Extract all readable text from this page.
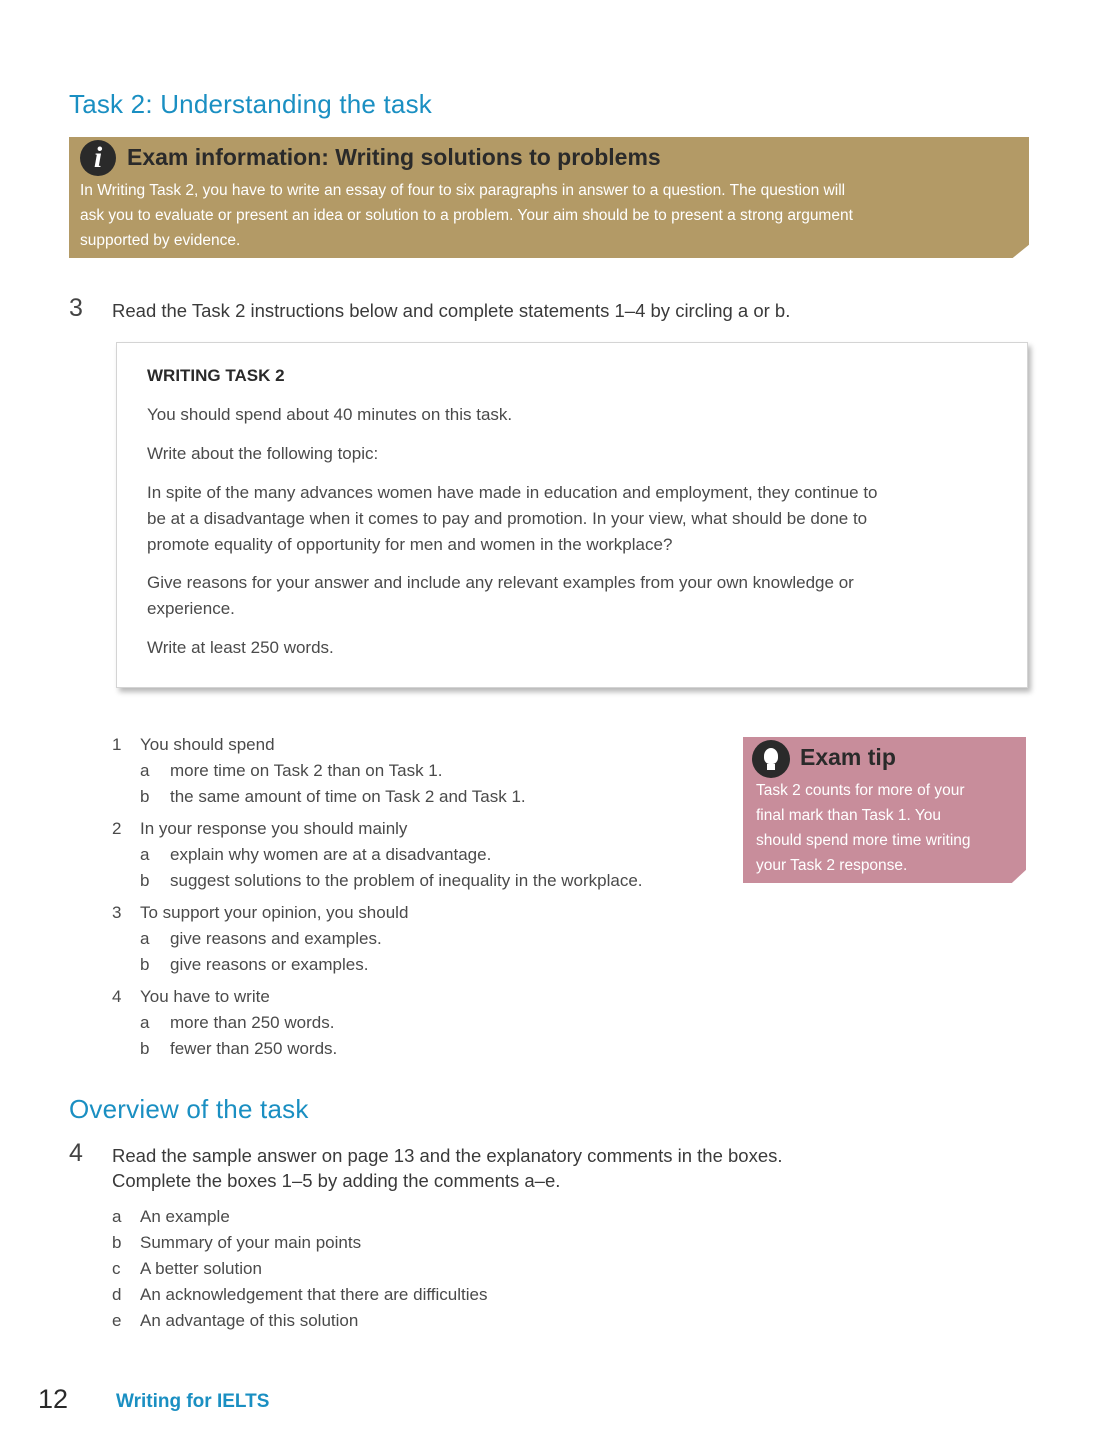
Task 2: Understanding the task
i	Exam information: Writing solutions to problems
In Writing Task 2, you have to write an essay of four to six paragraphs in answer to a question. The question will
ask you to evaluate or present an idea or solution to a problem. Your aim should be to present a strong argument
supported by evidence.
3 Read the Task 2 instructions below and complete statements 1–4 by circling a or b.
WRITING TASK 2
You should spend about 40 minutes on this task.
Write about the following topic:
In spite of the many advances women have made in education and employment, they continue to
be at a disadvantage when it comes to pay and promotion. In your view, what should be done to
promote equality of opportunity for men and women in the workplace?
Give reasons for your answer and include any relevant examples from your own knowledge or
experience.
Write at least 250 words.
1 You should spend
a more time on Task 2 than on Task 1.
b the same amount of time on Task 2 and Task 1.
2 In your response you should mainly
a explain why women are at a disadvantage.
b suggest solutions to the problem of inequality in the workplace.
3 To support your opinion, you should
a give reasons and examples.
b give reasons or examples.
4 You have to write
a more than 250 words.
b fewer than 250 words.
Exam tip
Task 2 counts for more of your
final mark than Task 1. You
should spend more time writing
your Task 2 response.
Overview of the task
4 Read the sample answer on page 13 and the explanatory comments in the boxes.
Complete the boxes 1–5 by adding the comments a–e.
a An example
b Summary of your main points
c A better solution
d An acknowledgement that there are difficulties
e An advantage of this solution
12	Writing for IELTS
